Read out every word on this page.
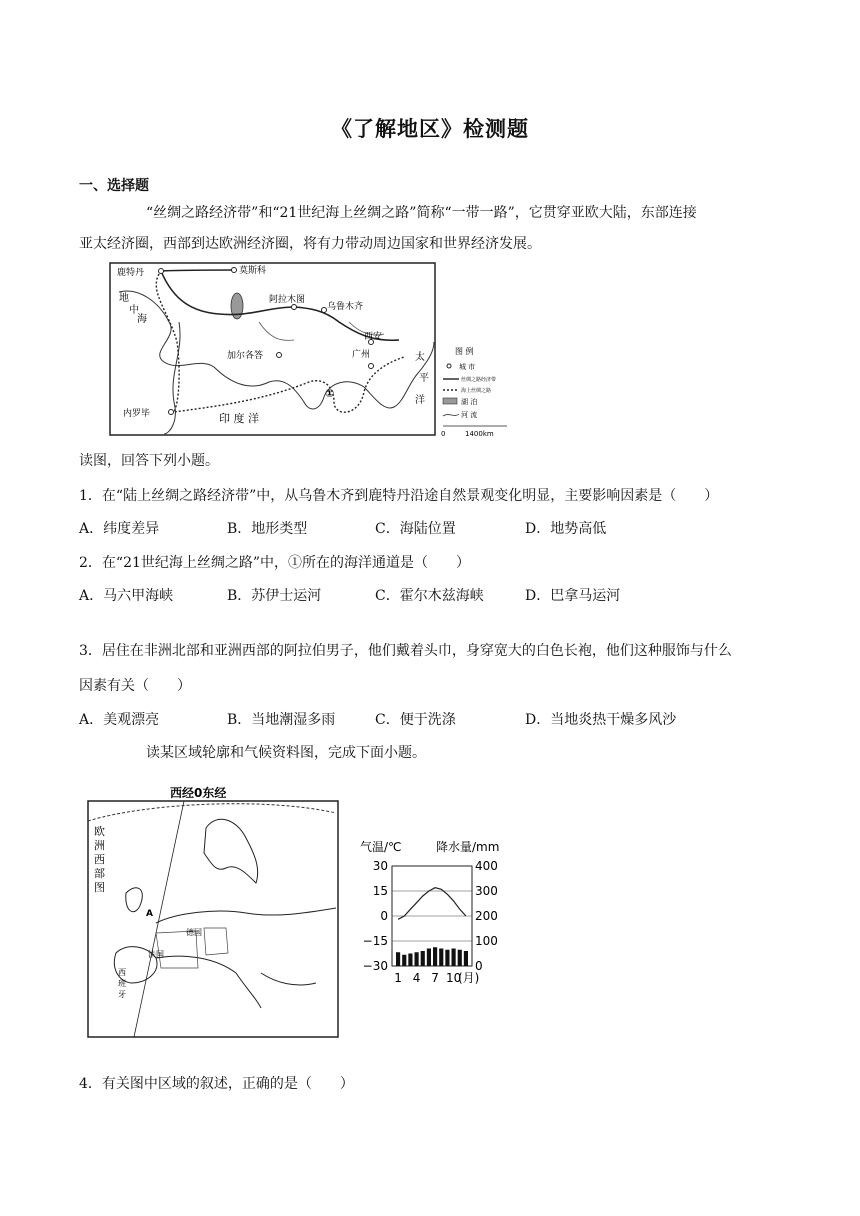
《了解地区》检测题
一、选择题
“丝绸之路经济带”和“21世纪海上丝绸之路”简称“一带一路”，它贯穿亚欧大陆，东部连接
亚太经济圈，西部到达欧洲经济圈，将有力带动周边国家和世界经济发展。
鹿特丹	莫斯科
阿拉木图
乌鲁木齐
西安
广州
加尔各答
内罗毕
地
中
海
印 度 洋
太
平
洋
①
图 例
城 市
丝绸之路经济带
海上丝绸之路
湖 泊
河 流
0	1400km
读图，回答下列小题。
1．在“陆上丝绸之路经济带”中，从乌鲁木齐到鹿特丹沿途自然景观变化明显，主要影响因素是（　　）
A．纬度差异	B．地形类型	C．海陆位置	D．地势高低
2．在“21世纪海上丝绸之路”中，①所在的海洋通道是（　　）
A．马六甲海峡	B．苏伊士运河	C．霍尔木兹海峡	D．巴拿马运河
3．居住在非洲北部和亚洲西部的阿拉伯男子，他们戴着头巾，身穿宽大的白色长袍，他们这种服饰与什么
因素有关（　　）
A．美观漂亮	B．当地潮湿多雨	C．便于洗涤	D．当地炎热干燥多风沙
读某区域轮廓和气候资料图，完成下面小题。
西经0东经
欧
洲
西
部
图
德国
法国
西
班
牙
A
气温/℃	降水量/mm
30	400
15	300
0	200
−15	100
−30	0
1 4 7 10
(月)
4．有关图中区域的叙述，正确的是（　　）
